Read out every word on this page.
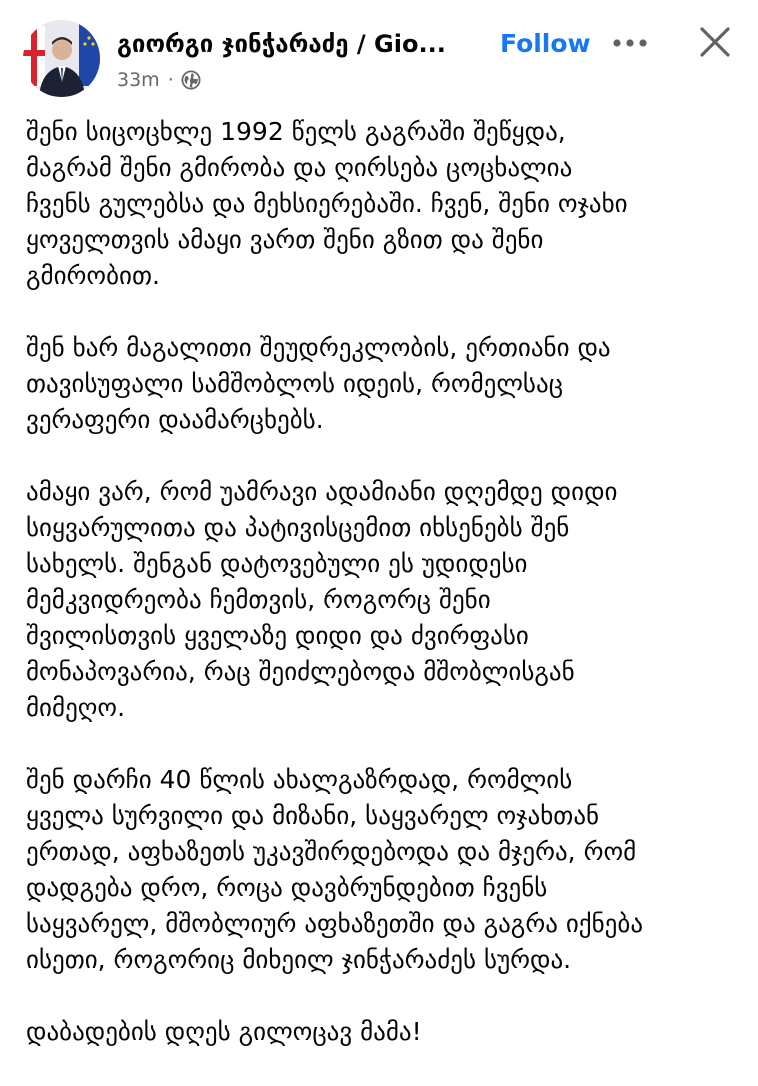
გიორგი ჯინჭარაძე / Gio...	Follow
33m ·

შენი სიცოცხლე 1992 წელს გაგრაში შეწყდა,
მაგრამ შენი გმირობა და ღირსება ცოცხალია
ჩვენს გულებსა და მეხსიერებაში. ჩვენ, შენი ოჯახი
ყოველთვის ამაყი ვართ შენი გზით და შენი
გმირობით.

შენ ხარ მაგალითი შეუდრეკლობის, ერთიანი და
თავისუფალი სამშობლოს იდეის, რომელსაც
ვერაფერი დაამარცხებს.

ამაყი ვარ, რომ უამრავი ადამიანი დღემდე დიდი
სიყვარულითა და პატივისცემით იხსენებს შენ
სახელს. შენგან დატოვებული ეს უდიდესი
მემკვიდრეობა ჩემთვის, როგორც შენი
შვილისთვის ყველაზე დიდი და ძვირფასი
მონაპოვარია, რაც შეიძლებოდა მშობლისგან
მიმეღო.

შენ დარჩი 40 წლის ახალგაზრდად, რომლის
ყველა სურვილი და მიზანი, საყვარელ ოჯახთან
ერთად, აფხაზეთს უკავშირდებოდა და მჯერა, რომ
დადგება დრო, როცა დავბრუნდებით ჩვენს
საყვარელ, მშობლიურ აფხაზეთში და გაგრა იქნება
ისეთი, როგორიც მიხეილ ჯინჭარაძეს სურდა.

დაბადების დღეს გილოცავ მამა!
